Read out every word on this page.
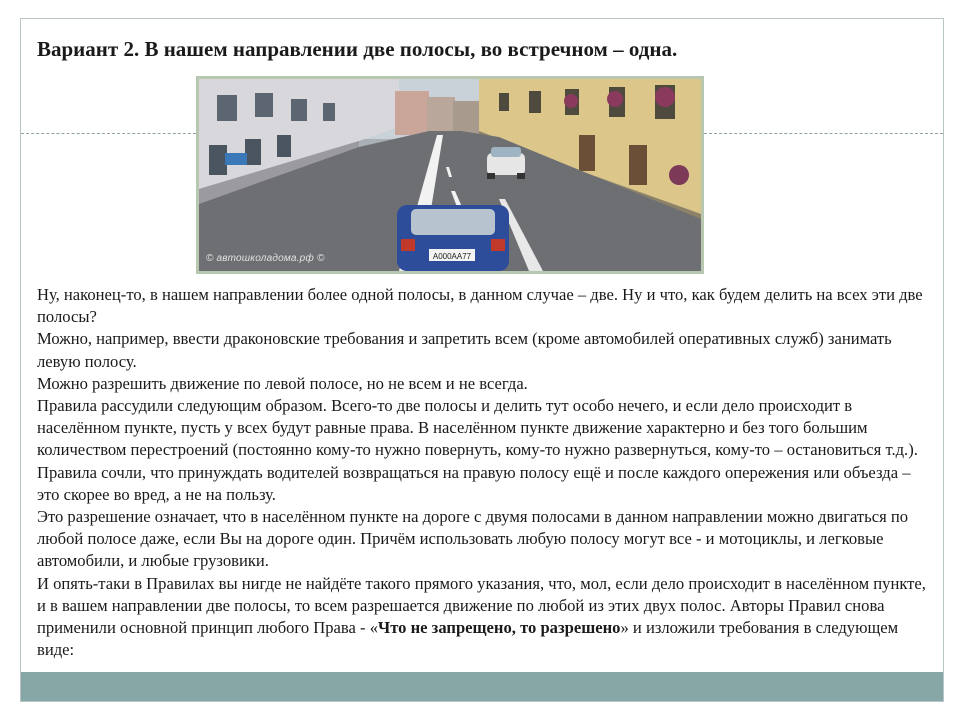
Вариант 2. В нашем направлении две полосы, во встречном – одна.
А000АА77
© автошколадома.рф ©

Ну, наконец-то, в нашем направлении более одной полосы, в данном случае – две. Ну и что, как будем делить на всех эти две полосы?

Можно, например, ввести драконовские требования и запретить всем (кроме автомобилей оперативных служб) занимать левую полосу.

Можно разрешить движение по левой полосе, но не всем и не всегда.

Правила рассудили следующим образом. Всего-то две полосы и делить тут особо нечего, и если дело происходит в населённом пункте, пусть у всех будут равные права. В населённом пункте движение характерно и без того большим количеством перестроений (постоянно кому-то нужно повернуть, кому-то нужно развернуться, кому-то – остановиться т.д.). Правила сочли, что принуждать водителей возвращаться на правую полосу ещё и после каждого опережения или объезда – это скорее во вред, а не на пользу.

Это разрешение означает, что в населённом пункте на дороге с двумя полосами в данном направлении можно двигаться по любой полосе даже, если Вы на дороге один. Причём использовать любую полосу могут все - и мотоциклы, и легковые автомобили, и любые грузовики.

И опять-таки в Правилах вы нигде не найдёте такого прямого указания, что, мол, если дело происходит в населённом пункте, и в вашем направлении две полосы, то всем разрешается движение по любой из этих двух полос. Авторы Правил снова применили основной принцип любого Права - «Что не запрещено, то разрешено» и изложили требования в следующем виде:
